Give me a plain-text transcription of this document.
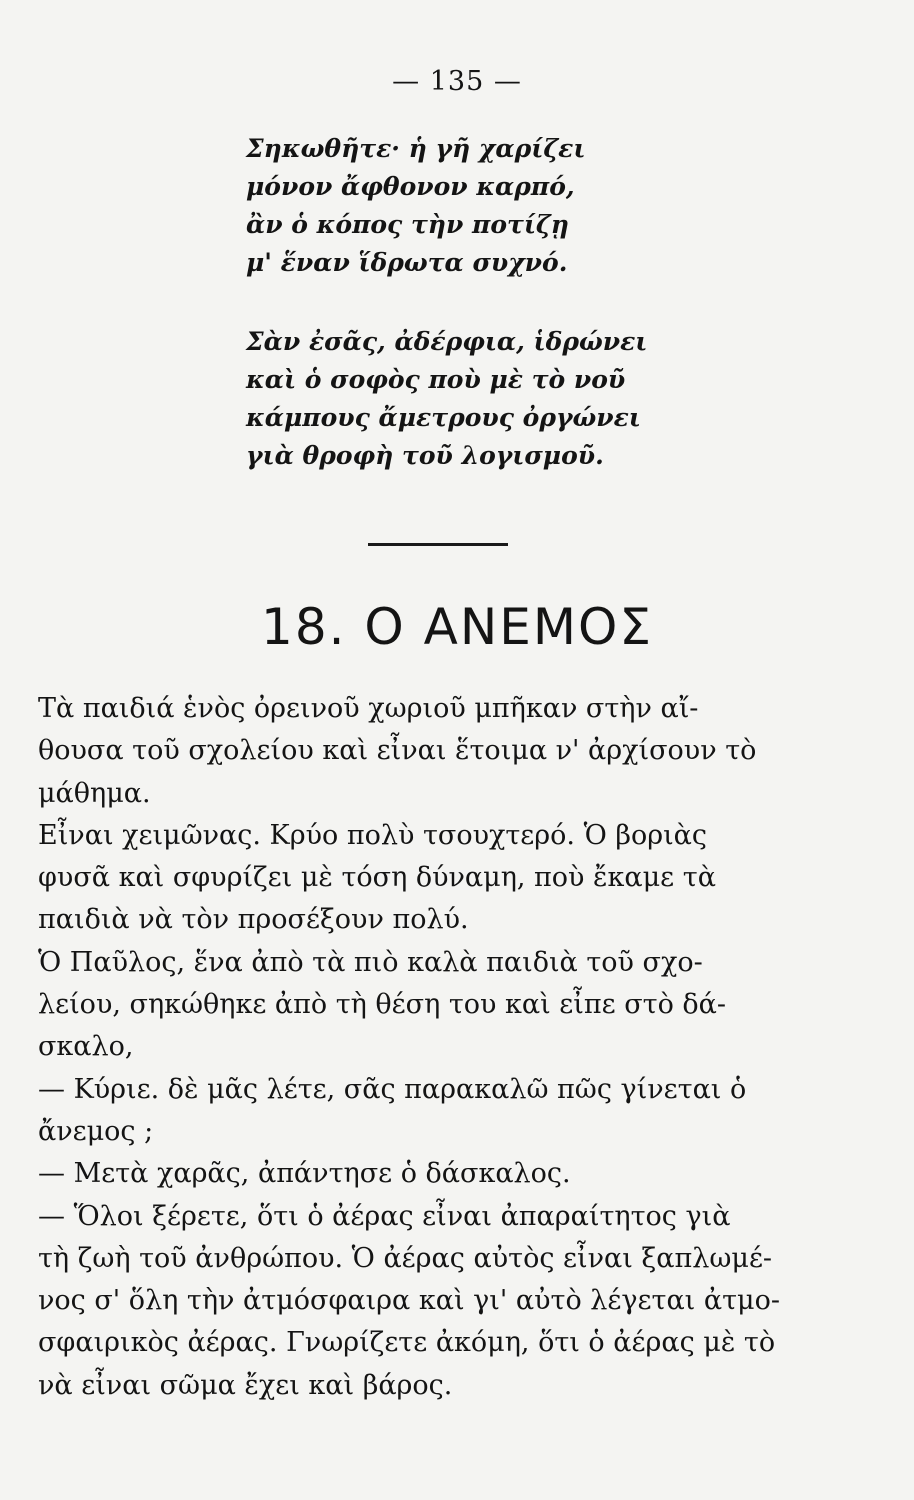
— 135 —
Σηκωθῆτε· ἡ γῆ χαρίζει
μόνον ἄφθονον καρπό,
ἂν ὁ κόπος τὴν ποτίζῃ
μ' ἕναν ἵδρωτα συχνό.
Σὰν ἐσᾶς, ἀδέρφια, ἱδρώνει
καὶ ὁ σοφὸς ποὺ μὲ τὸ νοῦ
κάμπους ἄμετρους ὀργώνει
γιὰ θροφὴ τοῦ λογισμοῦ.
18. Ο ΑΝΕΜΟΣ
Τὰ παιδιά ἑνὸς ὀρεινοῦ χωριοῦ μπῆκαν στὴν αἴ-
θουσα τοῦ σχολείου καὶ εἶναι ἕτοιμα ν' ἀρχίσουν τὸ
μάθημα.
Εἶναι χειμῶνας. Κρύο πολὺ τσουχτερό. Ὁ βοριὰς
φυσᾶ καὶ σφυρίζει μὲ τόση δύναμη, ποὺ ἔκαμε τὰ
παιδιὰ νὰ τὸν προσέξουν πολύ.
Ὁ Παῦλος, ἕνα ἀπὸ τὰ πιὸ καλὰ παιδιὰ τοῦ σχο-
λείου, σηκώθηκε ἀπὸ τὴ θέση του καὶ εἶπε στὸ δά-
σκαλο,
— Κύριε. δὲ μᾶς λέτε, σᾶς παρακαλῶ πῶς γίνεται ὁ
ἄνεμος ;
— Μετὰ χαρᾶς, ἀπάντησε ὁ δάσκαλος.
— Ὅλοι ξέρετε, ὅτι ὁ ἀέρας εἶναι ἀπαραίτητος γιὰ
τὴ ζωὴ τοῦ ἀνθρώπου. Ὁ ἀέρας αὐτὸς εἶναι ξαπλωμέ-
νος σ' ὅλη τὴν ἀτμόσφαιρα καὶ γι' αὐτὸ λέγεται ἀτμο-
σφαιρικὸς ἀέρας. Γνωρίζετε ἀκόμη, ὅτι ὁ ἀέρας μὲ τὸ
νὰ εἶναι σῶμα ἔχει καὶ βάρος.
